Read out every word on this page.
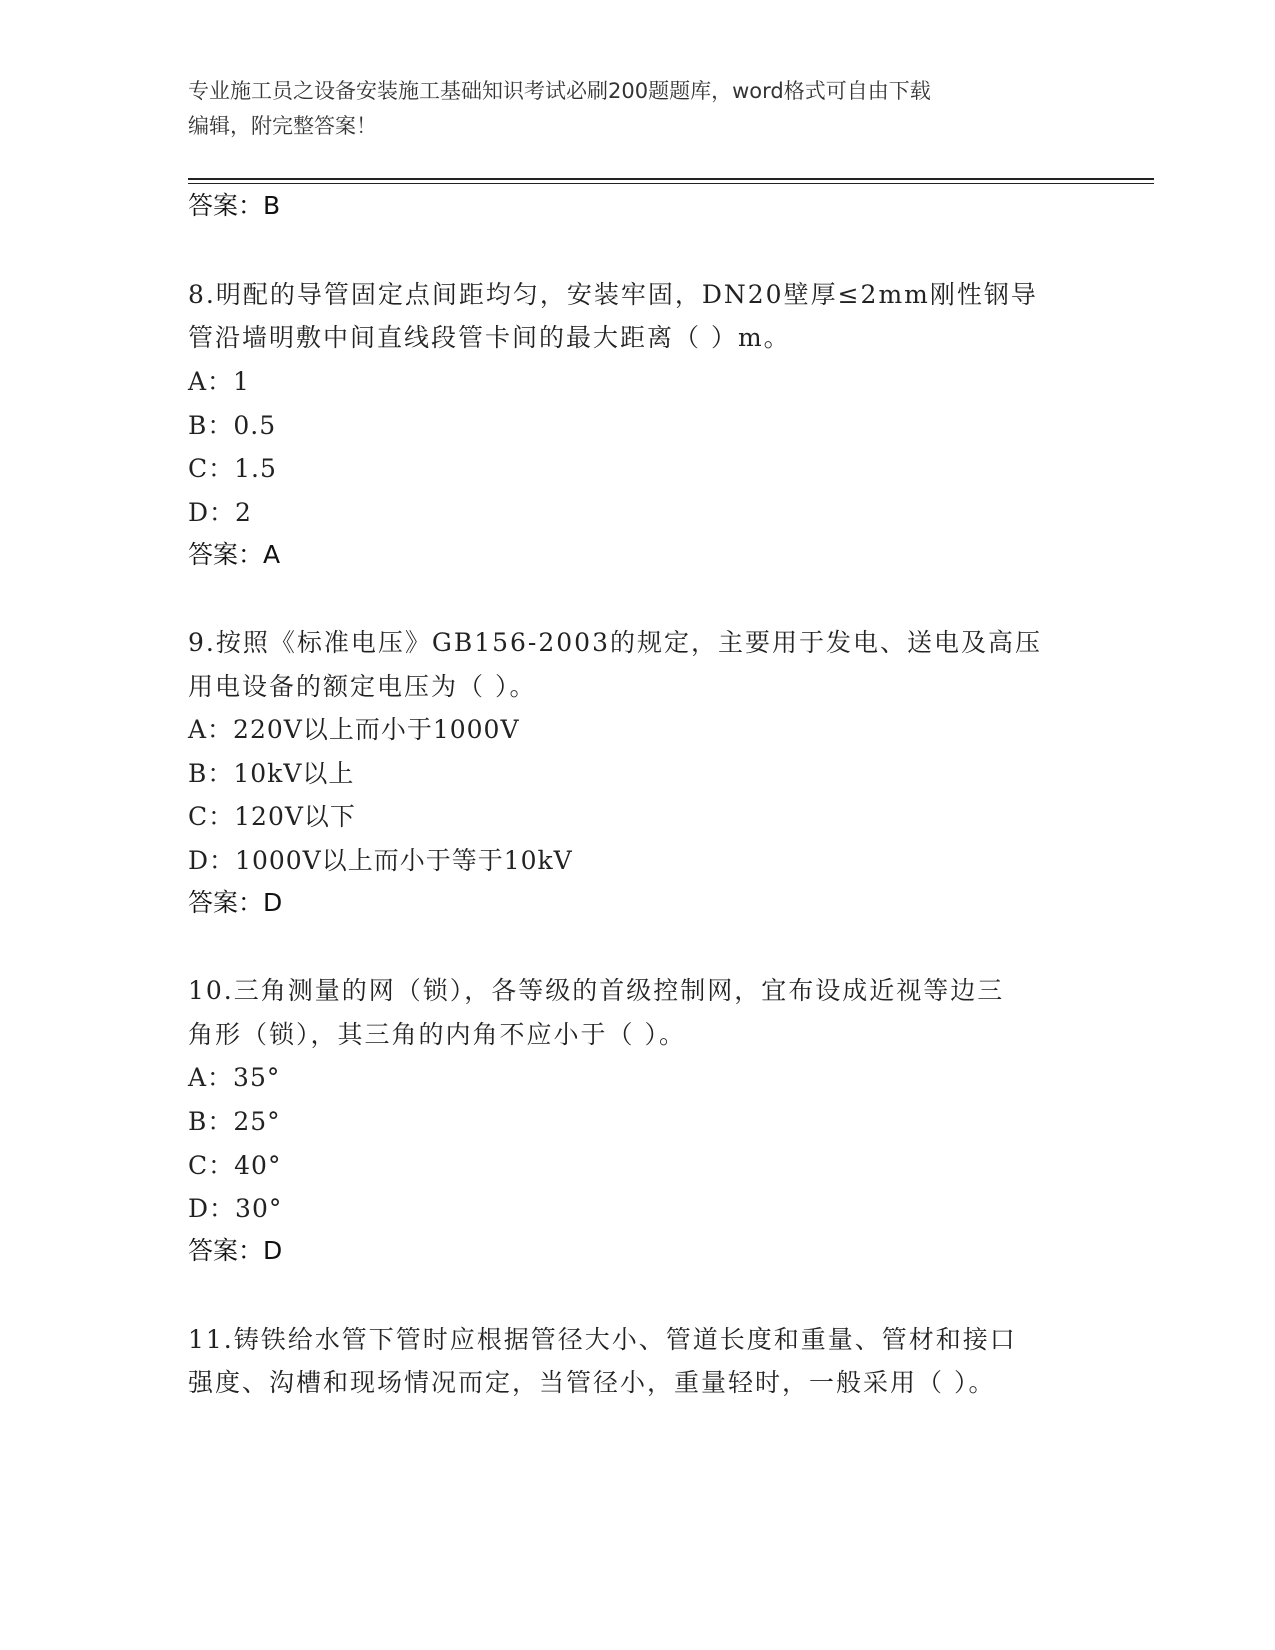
专业施工员之设备安装施工基础知识考试必刷200题题库，word格式可自由下载
编辑，附完整答案！
答案：B
8.明配的导管固定点间距均匀，安装牢固，DN20壁厚≤2mm刚性钢导
管沿墙明敷中间直线段管卡间的最大距离（ ）m。
A：1
B：0.5
C：1.5
D：2
答案：A
9.按照《标准电压》GB156-2003的规定，主要用于发电、送电及高压
用电设备的额定电压为（ ）。
A：220V以上而小于1000V
B：10kV以上
C：120V以下
D：1000V以上而小于等于10kV
答案：D
10.三角测量的网（锁），各等级的首级控制网，宜布设成近视等边三
角形（锁），其三角的内角不应小于（ ）。
A：35°
B：25°
C：40°
D：30°
答案：D
11.铸铁给水管下管时应根据管径大小、管道长度和重量、管材和接口
强度、沟槽和现场情况而定，当管径小，重量轻时，一般采用（ ）。
